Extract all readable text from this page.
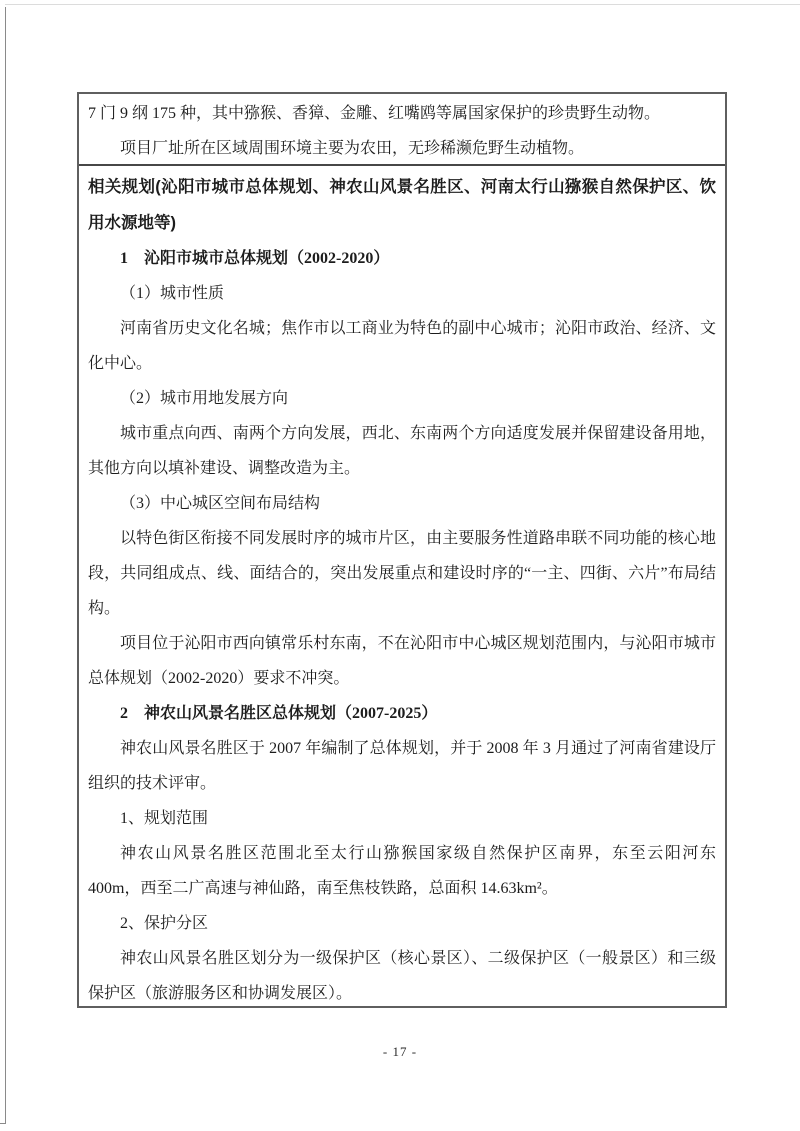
7 门 9 纲 175 种，其中猕猴、香獐、金雕、红嘴鸥等属国家保护的珍贵野生动物。

项目厂址所在区域周围环境主要为农田，无珍稀濒危野生动植物。

相关规划(沁阳市城市总体规划、神农山风景名胜区、河南太行山猕猴自然保护区、饮用水源地等)

1　沁阳市城市总体规划（2002-2020）

（1）城市性质

河南省历史文化名城；焦作市以工商业为特色的副中心城市；沁阳市政治、经济、文化中心。

（2）城市用地发展方向

城市重点向西、南两个方向发展，西北、东南两个方向适度发展并保留建设备用地，其他方向以填补建设、调整改造为主。

（3）中心城区空间布局结构

以特色街区衔接不同发展时序的城市片区，由主要服务性道路串联不同功能的核心地段，共同组成点、线、面结合的，突出发展重点和建设时序的“一主、四街、六片”布局结构。

项目位于沁阳市西向镇常乐村东南，不在沁阳市中心城区规划范围内，与沁阳市城市总体规划（2002-2020）要求不冲突。

2　神农山风景名胜区总体规划（2007-2025）

神农山风景名胜区于 2007 年编制了总体规划，并于 2008 年 3 月通过了河南省建设厅组织的技术评审。

1、规划范围

神农山风景名胜区范围北至太行山猕猴国家级自然保护区南界，东至云阳河东 400m，西至二广高速与神仙路，南至焦枝铁路，总面积 14.63km²。

2、保护分区

神农山风景名胜区划分为一级保护区（核心景区）、二级保护区（一般景区）和三级保护区（旅游服务区和协调发展区）。

- 17 -
